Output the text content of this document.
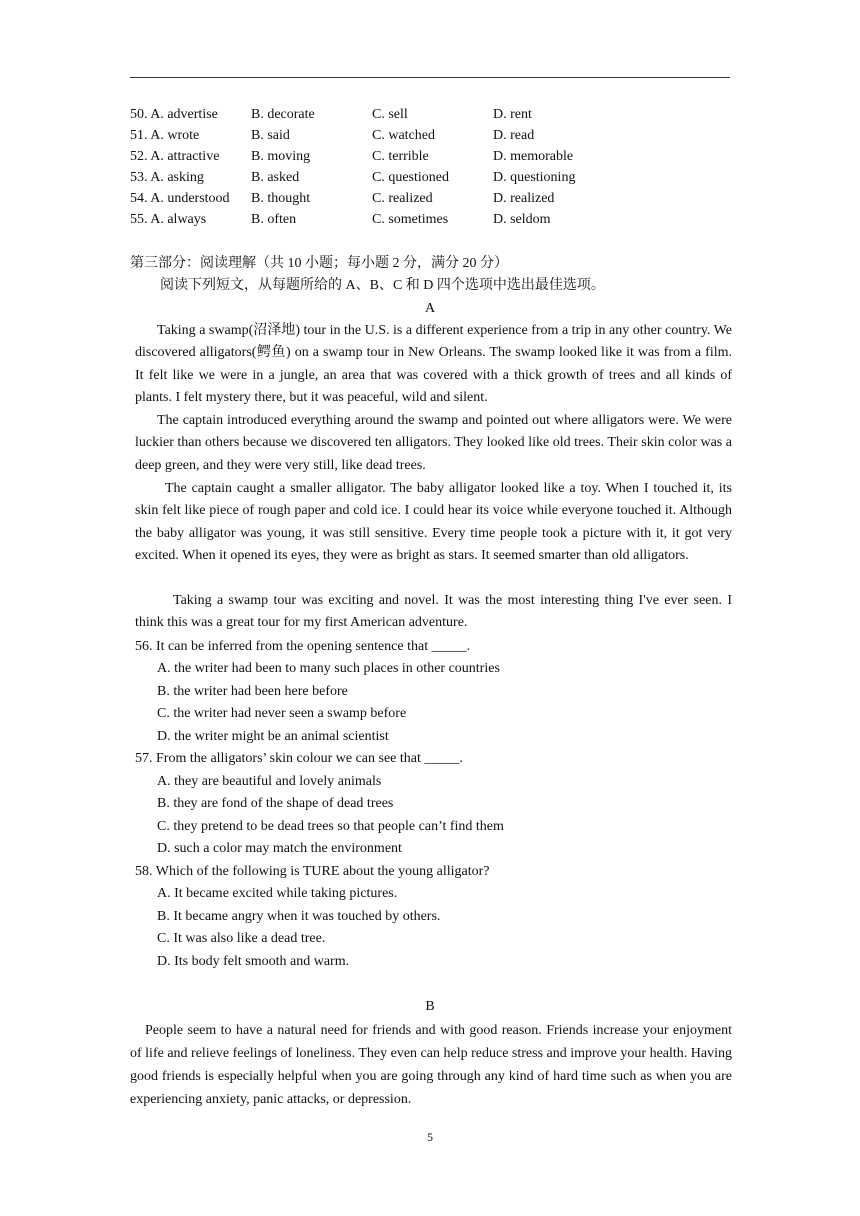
50. A. advertise	B. decorate	C. sell	D. rent
51. A. wrote	B. said	C. watched	D. read
52. A. attractive	B. moving	C. terrible	D. memorable
53. A. asking	B. asked	C. questioned	D. questioning
54. A. understood	B. thought	C. realized	D. realized
55. A. always	B. often	C. sometimes	D. seldom
第三部分：阅读理解（共 10 小题；每小题 2 分，满分 20 分）
阅读下列短文，从每题所给的 A、B、C 和 D 四个选项中选出最佳选项。
A
Taking a swamp(沼泽地) tour in the U.S. is a different experience from a trip in any other country. We discovered alligators(鳄鱼) on a swamp tour in New Orleans. The swamp looked like it was from a film. It felt like we were in a jungle, an area that was covered with a thick growth of trees and all kinds of plants. I felt mystery there, but it was peaceful, wild and silent.
The captain introduced everything around the swamp and pointed out where alligators were. We were luckier than others because we discovered ten alligators. They looked like old trees. Their skin color was a deep green, and they were very still, like dead trees.
The captain caught a smaller alligator. The baby alligator looked like a toy. When I touched it, its skin felt like piece of rough paper and cold ice. I could hear its voice while everyone touched it. Although the baby alligator was young, it was still sensitive. Every time people took a picture with it, it got very excited. When it opened its eyes, they were as bright as stars. It seemed smarter than old alligators.
Taking a swamp tour was exciting and novel. It was the most interesting thing I've ever seen. I think this was a great tour for my first American adventure.
56. It can be inferred from the opening sentence that _____.
A. the writer had been to many such places in other countries
B. the writer had been here before
C. the writer had never seen a swamp before
D. the writer might be an animal scientist
57. From the alligators’ skin colour we can see that _____.
A. they are beautiful and lovely animals
B. they are fond of the shape of dead trees
C. they pretend to be dead trees so that people can’t find them
D. such a color may match the environment
58. Which of the following is TURE about the young alligator?
A. It became excited while taking pictures.
B. It became angry when it was touched by others.
C. It was also like a dead tree.
D. Its body felt smooth and warm.
B
People seem to have a natural need for friends and with good reason. Friends increase your enjoyment of life and relieve feelings of loneliness. They even can help reduce stress and improve your health. Having good friends is especially helpful when you are going through any kind of hard time such as when you are experiencing anxiety, panic attacks, or depression.
5
